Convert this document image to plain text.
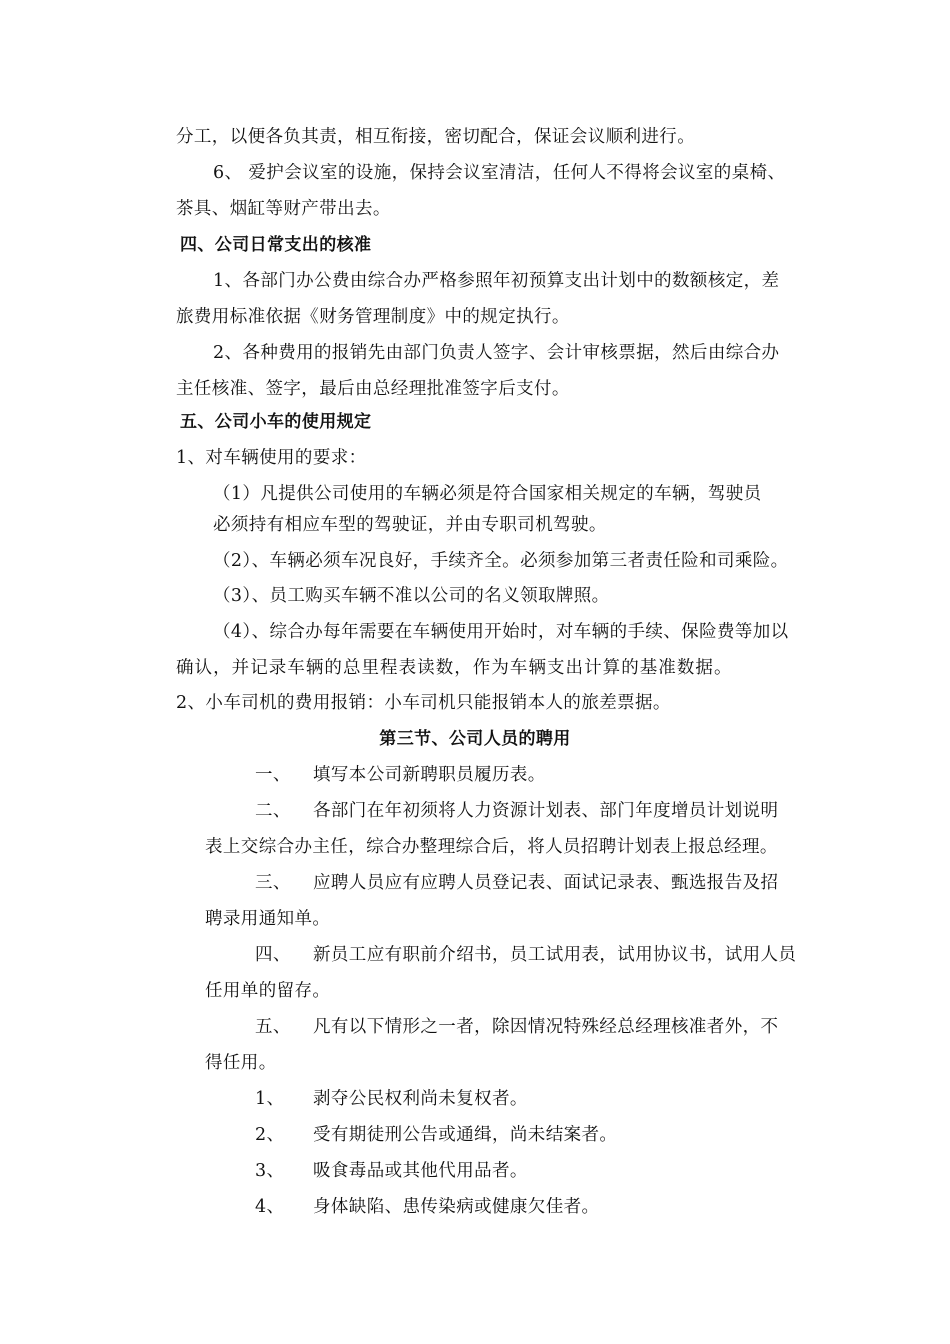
分工，以便各负其责，相互衔接，密切配合，保证会议顺利进行。
6、 爱护会议室的设施，保持会议室清洁，任何人不得将会议室的桌椅、
茶具、烟缸等财产带出去。
四、公司日常支出的核准
1、各部门办公费由综合办严格参照年初预算支出计划中的数额核定，差
旅费用标准依据《财务管理制度》中的规定执行。
2、各种费用的报销先由部门负责人签字、会计审核票据，然后由综合办
主任核准、签字，最后由总经理批准签字后支付。
五、公司小车的使用规定
1、对车辆使用的要求：
（1）凡提供公司使用的车辆必须是符合国家相关规定的车辆，驾驶员
必须持有相应车型的驾驶证，并由专职司机驾驶。
（2）、车辆必须车况良好，手续齐全。必须参加第三者责任险和司乘险。
（3）、员工购买车辆不准以公司的名义领取牌照。
（4）、综合办每年需要在车辆使用开始时，对车辆的手续、保险费等加以
确认，并记录车辆的总里程表读数，作为车辆支出计算的基准数据。
2、小车司机的费用报销：小车司机只能报销本人的旅差票据。
第三节、公司人员的聘用
一、 填写本公司新聘职员履历表。
二、 各部门在年初须将人力资源计划表、部门年度增员计划说明
表上交综合办主任，综合办整理综合后，将人员招聘计划表上报总经理。
三、 应聘人员应有应聘人员登记表、面试记录表、甄选报告及招
聘录用通知单。
四、 新员工应有职前介绍书，员工试用表，试用协议书，试用人员
任用单的留存。
五、 凡有以下情形之一者，除因情况特殊经总经理核准者外，不
得任用。
1、 剥夺公民权利尚未复权者。
2、 受有期徒刑公告或通缉，尚未结案者。
3、 吸食毒品或其他代用品者。
4、 身体缺陷、患传染病或健康欠佳者。
